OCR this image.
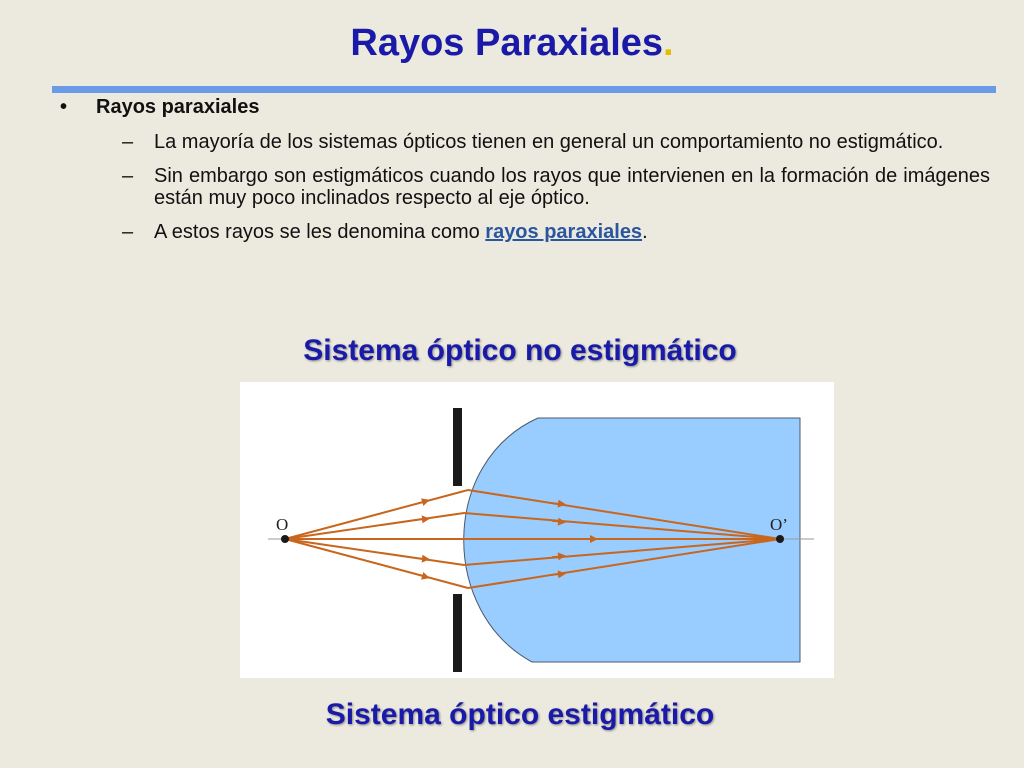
Rayos Paraxiales.
• Rayos paraxiales
– La mayoría de los sistemas ópticos tienen en general un comportamiento no estigmático.
– Sin embargo son estigmáticos cuando los rayos que intervienen en la formación de imágenes están muy poco inclinados respecto al eje óptico.
– A estos rayos se les denomina como rayos paraxiales.
Sistema óptico no estigmático
O	O’
Sistema óptico estigmático
